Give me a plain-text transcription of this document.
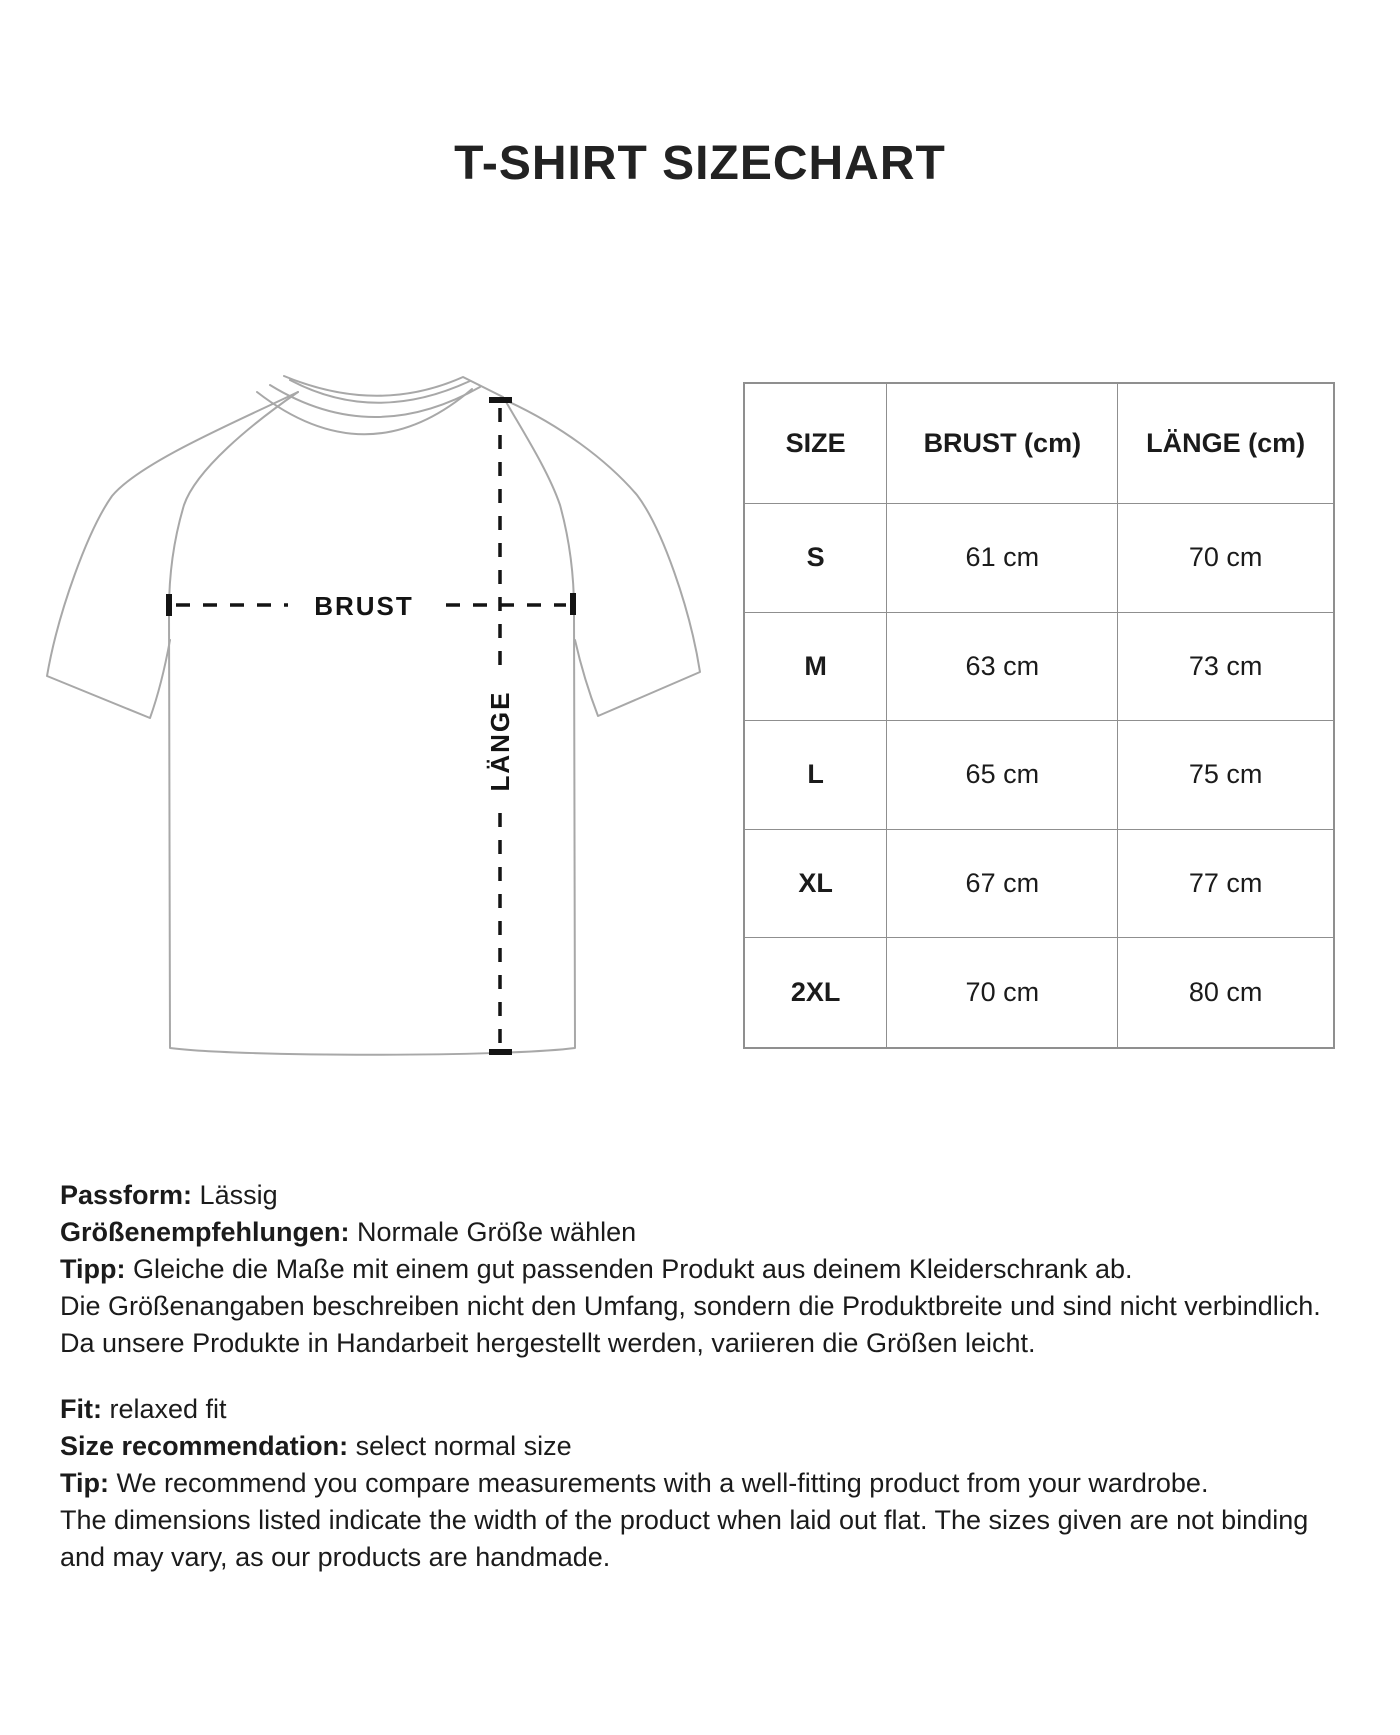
T-SHIRT SIZECHART
BRUST
LÄNGE
SIZE	BRUST (cm)	LÄNGE (cm)
S	61 cm	70 cm
M	63 cm	73 cm
L	65 cm	75 cm
XL	67 cm	77 cm
2XL	70 cm	80 cm

Passform: Lässig

Größenempfehlungen: Normale Größe wählen

Tipp: Gleiche die Maße mit einem gut passenden Produkt aus deinem Kleiderschrank ab.

Die Größenangaben beschreiben nicht den Umfang, sondern die Produktbreite und sind nicht verbindlich.

Da unsere Produkte in Handarbeit hergestellt werden, variieren die Größen leicht.

Fit: relaxed fit

Size recommendation: select normal size

Tip: We recommend you compare measurements with a well-fitting product from your wardrobe.

The dimensions listed indicate the width of the product when laid out flat. The sizes given are not binding

and may vary, as our products are handmade.
